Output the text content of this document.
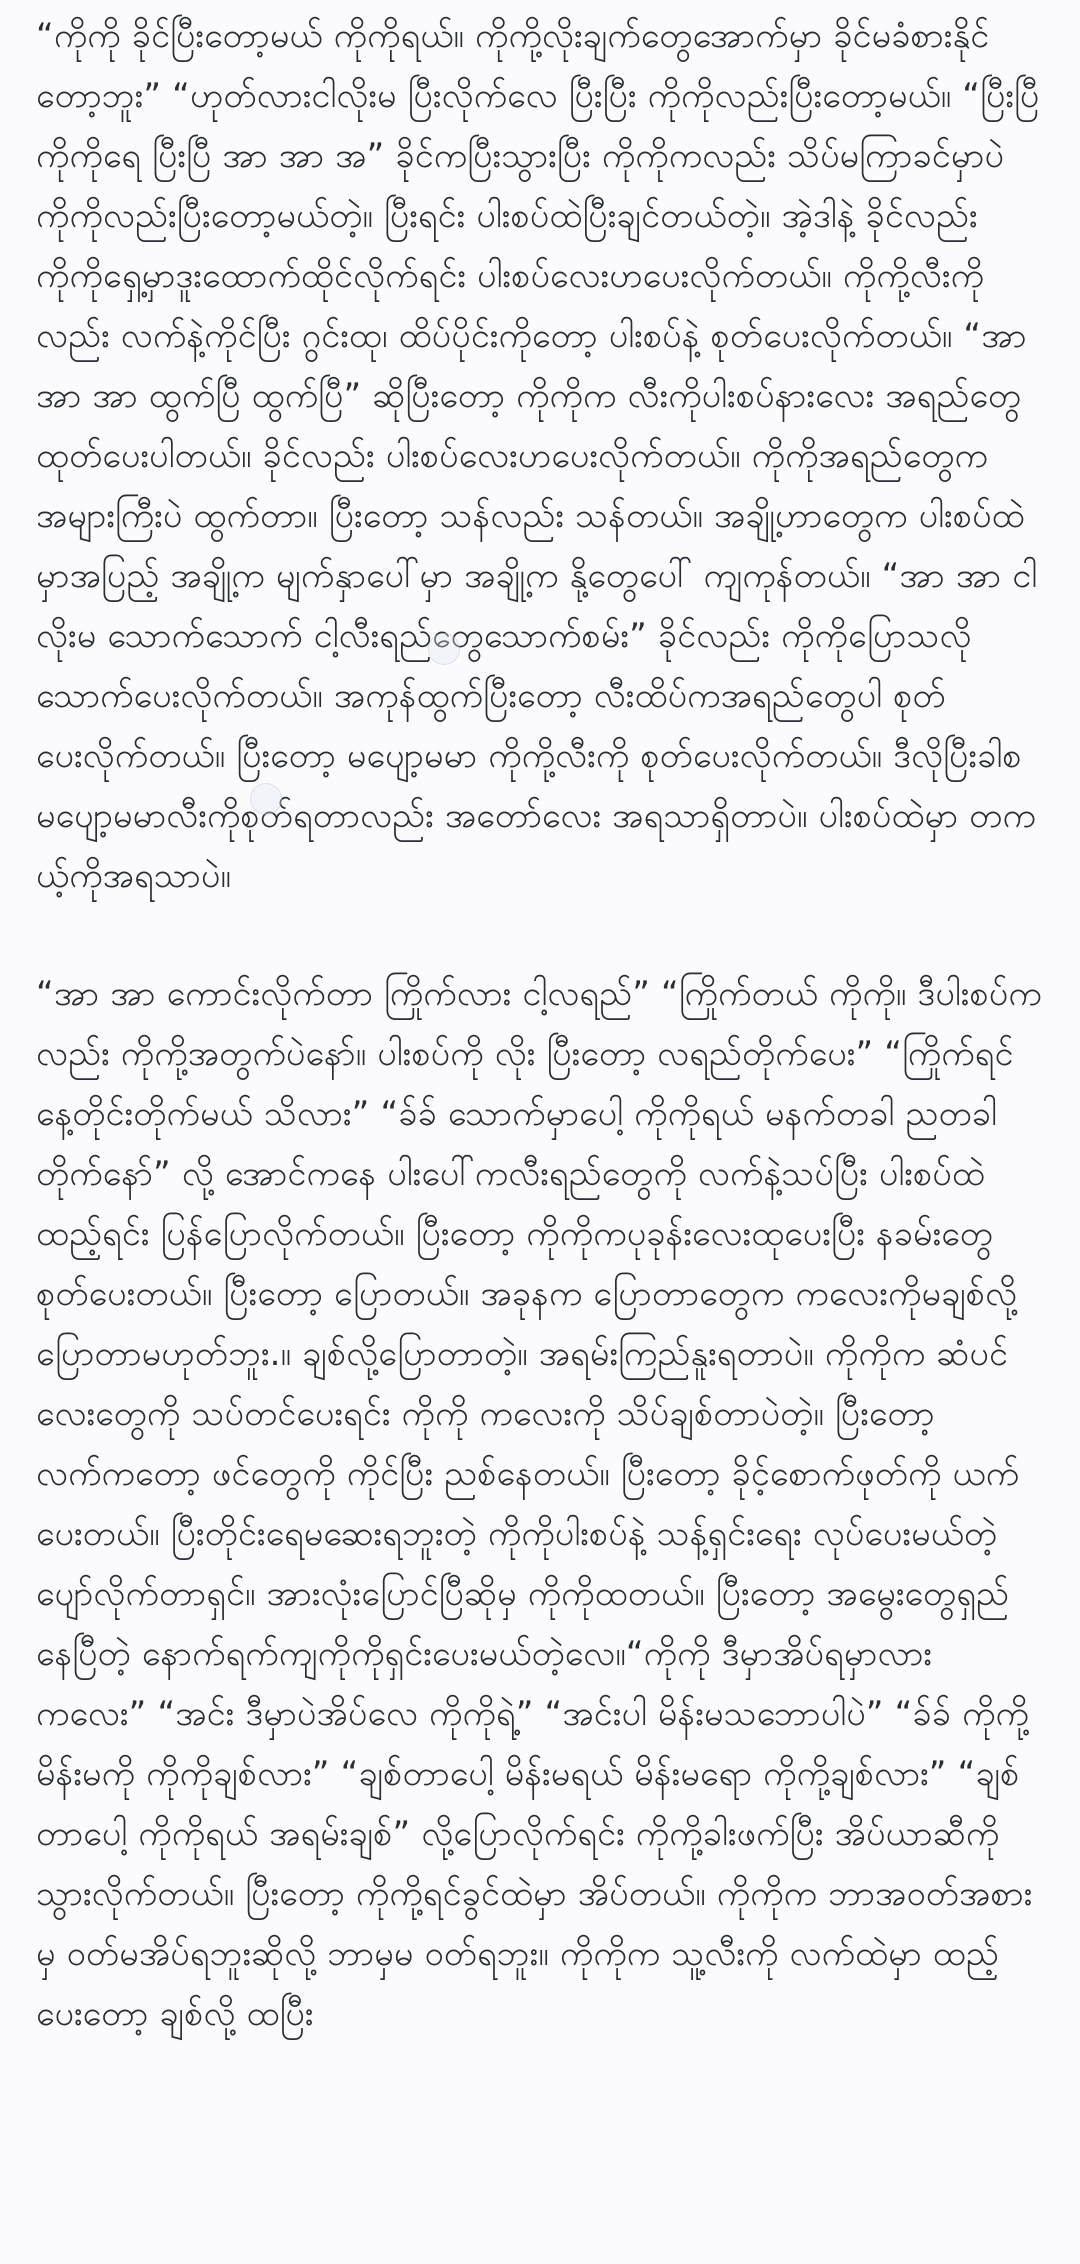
“ကိုကို ခိုင်ပြီးတော့မယ် ကိုကိုရယ်။ ကိုကို့လိုးချက်တွေအောက်မှာ ခိုင်မခံစားနိုင်တော့ဘူး” “ဟုတ်လားငါလိုးမ ပြီးလိုက်လေ ပြီးပြီး ကိုကိုလည်းပြီးတော့မယ်။ “ပြီးပြီ ကိုကိုရေ ပြီးပြီ အာ အာ အ” ခိုင်ကပြီးသွားပြီး ကိုကိုကလည်း သိပ်မကြာခင်မှာပဲ ကိုကိုလည်းပြီးတော့မယ်တဲ့။ ပြီးရင်း ပါးစပ်ထဲပြီးချင်တယ်တဲ့။ အဲ့ဒါနဲ့ ခိုင်လည်း ကိုကိုရှေ့မှာဒူးထောက်ထိုင်လိုက်ရင်း ပါးစပ်လေးဟပေးလိုက်တယ်။ ကိုကို့လီးကိုလည်း လက်နဲ့ကိုင်ပြီး ဂွင်းထု၊ ထိပ်ပိုင်းကိုတော့ ပါးစပ်နဲ့ စုတ်ပေးလိုက်တယ်။ “အာ အာ အာ ထွက်ပြီ ထွက်ပြီ” ဆိုပြီးတော့ ကိုကိုက လီးကိုပါးစပ်နားလေး အရည်တွေ ထုတ်ပေးပါတယ်။ ခိုင်လည်း ပါးစပ်လေးဟပေးလိုက်တယ်။ ကိုကိုအရည်တွေကအများကြီးပဲ ထွက်တာ။ ပြီးတော့ သန်လည်း သန်တယ်။ အချို့ဟာတွေက ပါးစပ်ထဲမှာအပြည့် အချို့က မျက်နှာပေါ်မှာ အချို့က နို့တွေပေါ် ကျကုန်တယ်။ “အာ အာ ငါလိုးမ သောက်သောက် ငါ့လီးရည်တွေသောက်စမ်း” ခိုင်လည်း ကိုကိုပြောသလို သောက်ပေးလိုက်တယ်။ အကုန်ထွက်ပြီးတော့ လီးထိပ်ကအရည်တွေပါ စုတ်ပေးလိုက်တယ်။ ပြီးတော့ မပျော့မမာ ကိုကို့လီးကို စုတ်ပေးလိုက်တယ်။ ဒီလိုပြီးခါစ မပျော့မမာလီးကိုစုတ်ရတာလည်း အတော်လေး အရသာရှိတာပဲ။ ပါးစပ်ထဲမှာ တကယ့်ကိုအရသာပဲ။

“အာ အာ ကောင်းလိုက်တာ ကြိုက်လား ငါ့လရည်” “ကြိုက်တယ် ကိုကို။ ဒီပါးစပ်ကလည်း ကိုကို့အတွက်ပဲနော်။ ပါးစပ်ကို လိုး ပြီးတော့ လရည်တိုက်ပေး” “ကြိုက်ရင် နေ့တိုင်းတိုက်မယ် သိလား” “ခ်ခ် သောက်မှာပေါ့ ကိုကိုရယ် မနက်တခါ ညတခါတိုက်နော်” လို့ အောင်ကနေ ပါးပေါ်ကလီးရည်တွေကို လက်နဲ့သပ်ပြီး ပါးစပ်ထဲထည့်ရင်း ပြန်ပြောလိုက်တယ်။ ပြီးတော့ ကိုကိုကပုခုန်းလေးထုပေးပြီး နခမ်းတွေ စုတ်ပေးတယ်။ ပြီးတော့ ပြောတယ်။ အခုနက ပြောတာတွေက ကလေးကိုမချစ်လို့ ပြောတာမဟုတ်ဘူး.။ ချစ်လို့ပြောတာတဲ့။ အရမ်းကြည်နူးရတာပဲ။ ကိုကိုက ဆံပင်လေးတွေကို သပ်တင်ပေးရင်း ကိုကို ကလေးကို သိပ်ချစ်တာပဲတဲ့။ ပြီးတော့ လက်ကတော့ ဖင်တွေကို ကိုင်ပြီး ညစ်နေတယ်။ ပြီးတော့ ခိုင့်စောက်ဖုတ်ကို ယက်ပေးတယ်။ ပြီးတိုင်းရေမဆေးရဘူးတဲ့ ကိုကိုပါးစပ်နဲ့ သန့်ရှင်းရေး လုပ်ပေးမယ်တဲ့ ပျော်လိုက်တာရှင်။ အားလုံးပြောင်ပြီဆိုမှ ကိုကိုထတယ်။ ပြီးတော့ အမွေးတွေရှည်နေပြီတဲ့ နောက်ရက်ကျကိုကိုရှင်းပေးမယ်တဲ့လေ။“ကိုကို ဒီမှာအိပ်ရမှာလား ကလေး” “အင်း ဒီမှာပဲအိပ်လေ ကိုကိုရဲ့” “အင်းပါ မိန်းမသဘောပါပဲ” “ခ်ခ် ကိုကို့မိန်းမကို ကိုကိုချစ်လား” “ချစ်တာပေါ့ မိန်းမရယ် မိန်းမရော ကိုကို့ချစ်လား” “ချစ်တာပေါ့ ကိုကိုရယ် အရမ်းချစ်” လို့ပြောလိုက်ရင်း ကိုကို့ခါးဖက်ပြီး အိပ်ယာဆီကိုသွားလိုက်တယ်။ ပြီးတော့ ကိုကို့ရင်ခွင်ထဲမှာ အိပ်တယ်။ ကိုကိုက ဘာအဝတ်အစားမှ ဝတ်မအိပ်ရဘူးဆိုလို့ ဘာမှမ ဝတ်ရဘူး။ ကိုကိုက သူ့လီးကို လက်ထဲမှာ ထည့်ပေးတော့ ချစ်လို့ ထပြီး
